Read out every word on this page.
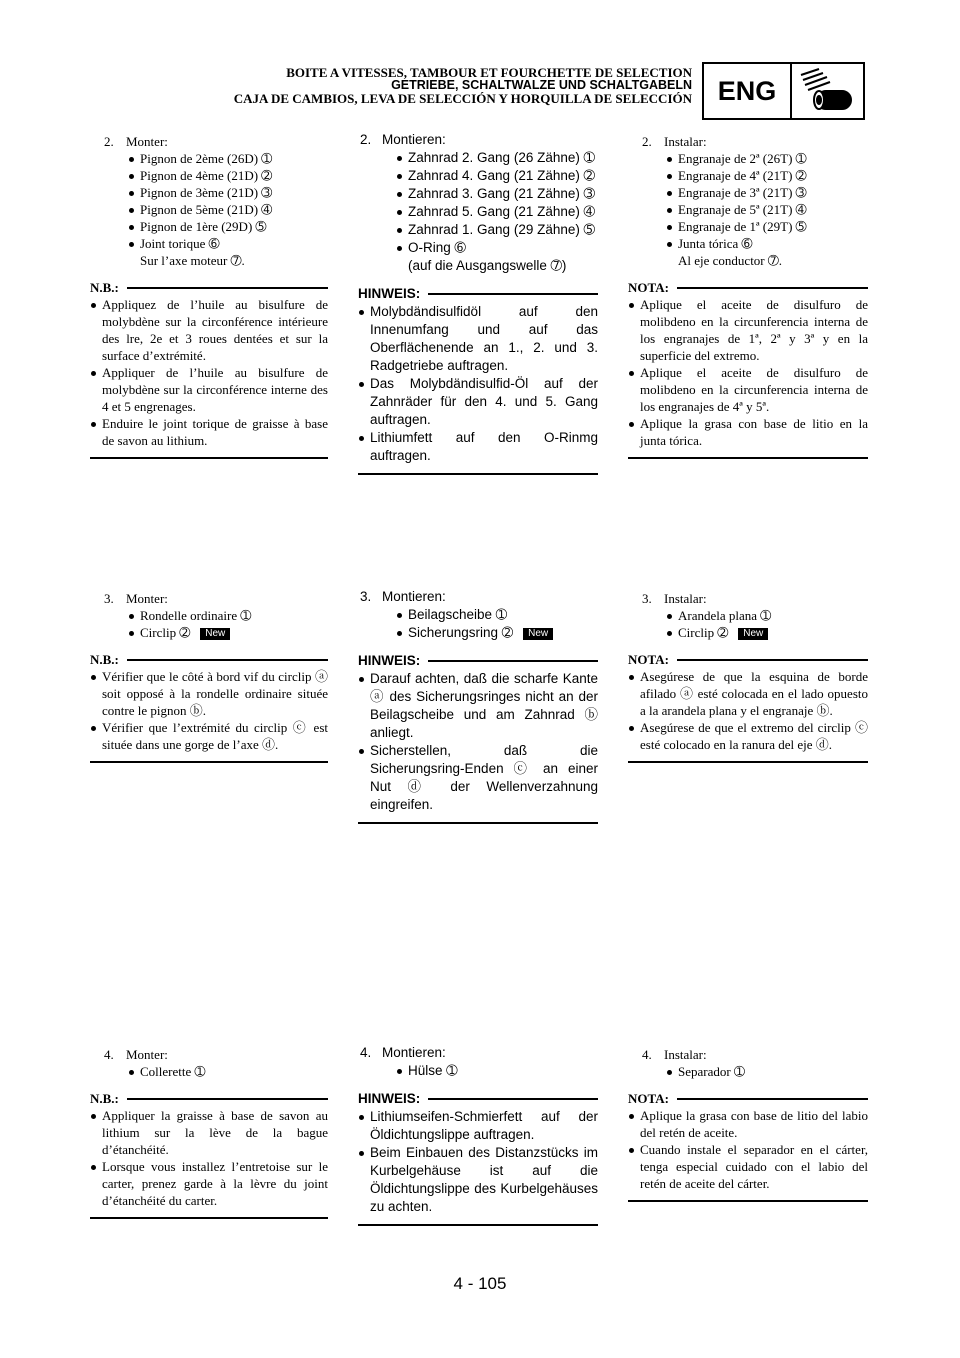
BOITE A VITESSES, TAMBOUR ET FOURCHETTE DE SELECTION
GETRIEBE, SCHALTWALZE UND SCHALTGABELN
CAJA DE CAMBIOS, LEVA DE SELECCIÓN Y HORQUILLA DE SELECCIÓN ENG
2. Monter:
Pignon de 2ème (26D) ➀
Pignon de 4ème (21D) ➁
Pignon de 3ème (21D) ➂
Pignon de 5ème (21D) ➃
Pignon de 1ère (29D) ➄
Joint torique ➅
Sur l’axe moteur ➆.
N.B.:
Appliquez de l’huile au bisulfure de molybdène sur la circonférence intérieure des lre, 2e et 3 roues dentées et sur la surface d’extrémité.
Appliquer de l’huile au bisulfure de molybdène sur la circonférence interne des 4 et 5 engrenages.
Enduire le joint torique de graisse à base de savon au lithium.
3. Monter:
Rondelle ordinaire ➀
Circlip ➁ New
N.B.:
Vérifier que le côté à bord vif du circlip ⓐ soit opposé à la rondelle ordinaire située contre le pignon ⓑ.
Vérifier que l’extrémité du circlip ⓒ est située dans une gorge de l’axe ⓓ.
4. Monter:
Collerette ➀
N.B.:
Appliquer la graisse à base de savon au lithium sur la lève de la bague d’étanchéité.
Lorsque vous installez l’entretoise sur le carter, prenez garde à la lèvre du joint d’étanchéité du carter.
2. Montieren:
Zahnrad 2. Gang (26 Zähne) ➀
Zahnrad 4. Gang (21 Zähne) ➁
Zahnrad 3. Gang (21 Zähne) ➂
Zahnrad 5. Gang (21 Zähne) ➃
Zahnrad 1. Gang (29 Zähne) ➄
O-Ring ➅
(auf die Ausgangswelle ➆)
HINWEIS:
Molybdändisulfidöl auf den Innenumfang und auf das Oberflächenende an 1., 2. und 3. Radgetriebe auftragen.
Das Molybdändisulfid-Öl auf der Zahnräder für den 4. und 5. Gang auftragen.
Lithiumfett auf den O-Rinmg auftragen.
3. Montieren:
Beilagscheibe ➀
Sicherungsring ➁ New
HINWEIS:
Darauf achten, daß die scharfe Kante ⓐ des Sicherungsringes nicht an der Beilagscheibe und am Zahnrad ⓑ anliegt.
Sicherstellen, daß die Sicherungsring-Enden ⓒ an einer Nut ⓓ der Wellenverzahnung eingreifen.
4. Montieren:
Hülse ➀
HINWEIS:
Lithiumseifen-Schmierfett auf der Öldichtungslippe auftragen.
Beim Einbauen des Distanzstücks im Kurbelgehäuse ist auf die Öldichtungslippe des Kurbelgehäuses zu achten.
2. Instalar:
Engranaje de 2ª (26T) ➀
Engranaje de 4ª (21T) ➁
Engranaje de 3ª (21T) ➂
Engranaje de 5ª (21T) ➃
Engranaje de 1ª (29T) ➄
Junta tórica ➅
Al eje conductor ➆.
NOTA:
Aplique el aceite de disulfuro de molibdeno en la circunferencia interna de los engranajes de 1ª, 2ª y 3ª y en la superficie del extremo.
Aplique el aceite de disulfuro de molibdeno en la circunferencia interna de los engranajes de 4ª y 5ª.
Aplique la grasa con base de litio en la junta tórica.
3. Instalar:
Arandela plana ➀
Circlip ➁ New
NOTA:
Asegúrese de que la esquina de borde afilado ⓐ esté colocada en el lado opuesto a la arandela plana y el engranaje ⓑ.
Asegúrese de que el extremo del circlip ⓒ esté colocado en la ranura del eje ⓓ.
4. Instalar:
Separador ➀
NOTA:
Aplique la grasa con base de litio del labio del retén de aceite.
Cuando instale el separador en el cárter, tenga especial cuidado con el labio del retén de aceite del cárter.
4 - 105
